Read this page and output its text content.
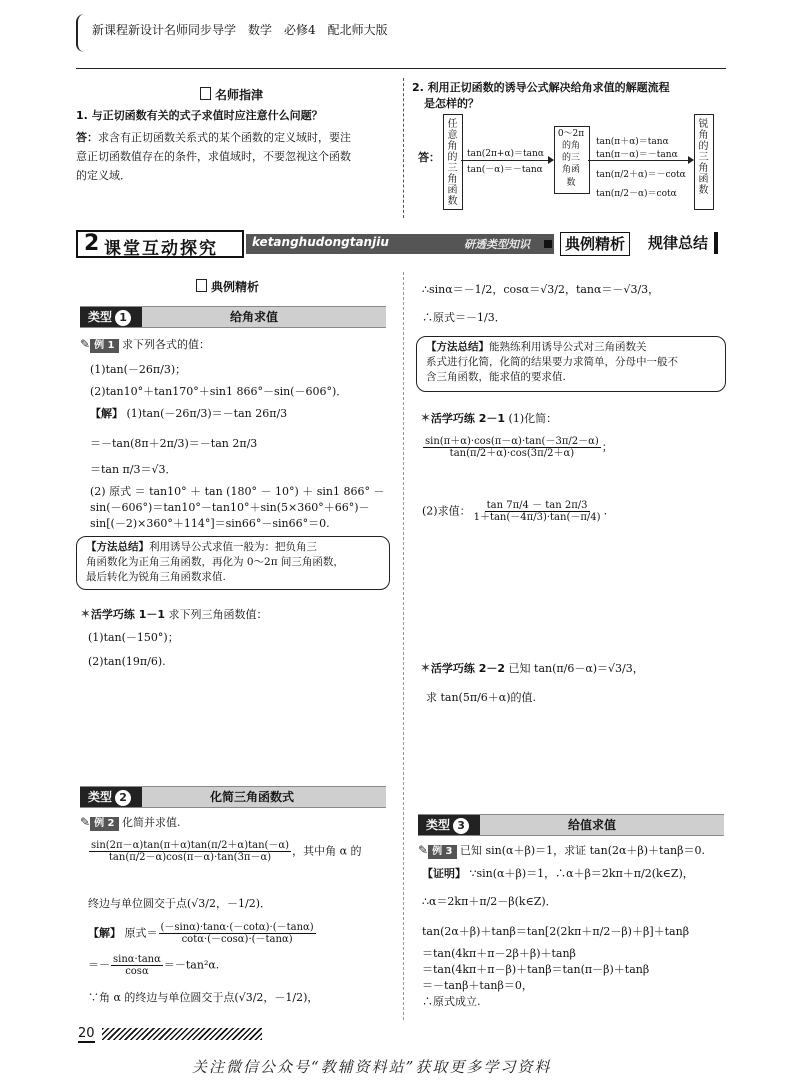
新课程新设计名师同步导学　数学　必修4　配北师大版
名师指津
1. 与正切函数有关的式子求值时应注意什么问题？
答：求含有正切函数关系式的某个函数的定义域时，要注
意正切函数值存在的条件，求值域时，不要忽视这个函数
的定义域．
2. 利用正切函数的诱导公式解决给角求值的解题流程
是怎样的？
答： 任意角的三角函数 tan(2π+α)＝tanα
tan(－α)＝－tanα
0～2π
的角
的三
角函
数
tan(π＋α)＝tanα
tan(π－α)＝－tanα
tan(π/2＋α)＝－cotα
tan(π/2－α)＝cotα 锐角的三角函数
2 课堂互动探究	ketanghudongtanjiu	研透类型知识	典例精析	规律总结
典例精析
类型 1	给角求值
✎ 例 1 求下列各式的值：
(1)tan(－26π/3)；
(2)tan10°＋tan170°＋sin1 866°－sin(－606°)．
【解】 (1)tan(－26π/3)＝－tan 26π/3
＝－tan(8π＋2π/3)＝－tan 2π/3
＝tan π/3＝√3．
(2) 原式 ＝ tan10° ＋ tan (180° － 10°) ＋ sin1 866° －
sin(－606°)＝tan10°－tan10°＋sin(5×360°＋66°)－
sin[(－2)×360°＋114°]＝sin66°－sin66°＝0.
【方法总结】利用诱导公式求值一般为：把负角三
角函数化为正角三角函数，再化为 0～2π 间三角函数，
最后转化为锐角三角函数求值.
✶活学巧练 1－1 求下列三角函数值：
(1)tan(－150°)；
(2)tan(19π/6).
类型 2	化简三角函数式
✎ 例 2 化简并求值.
$\frac{\sin(2\pi-\alpha)\tan(\pi+\alpha)\tan(\pi/2+\alpha)\tan(-\alpha)}{\tan(\pi/2-\alpha)\cos(\pi-\alpha)\cdot\tan(3\pi-\alpha)}$ ，其中角 α 的
终边与单位圆交于点(√3/2，－1/2)．
【解】 原式＝ $\frac{(-\sin\alpha)\cdot\tan\alpha\cdot(-\cot\alpha)\cdot(-\tan\alpha)}{\cot\alpha\cdot(-\cos\alpha)\cdot(-\tan\alpha)}$
＝－ $\frac{\sin\alpha\cdot\tan\alpha}{\cos\alpha} =-\tan^2\alpha$.
∵角 α 的终边与单位圆交于点(√3/2，－1/2)，
20
∴sinα＝－1/2，cosα＝√3/2，tanα＝－√3/3，
∴原式＝－1/3．
【方法总结】能熟练利用诱导公式对三角函数关
系式进行化简，化简的结果要力求简单，分母中一般不
含三角函数，能求值的要求值.
✶活学巧练 2－1 (1)化简：
$\frac{\sin(\pi+\alpha)\cdot\cos(\pi-\alpha)\cdot\tan(-3\pi/2-\alpha)}{\tan(\pi/2+\alpha)\cdot\cos(3\pi/2+\alpha)}$ ；
(2)求值： $\frac{\tan 7\pi/4 - \tan 2\pi/3}{1+\tan(-4\pi/3)\cdot\tan(-\pi/4)}$ .
✶活学巧练 2－2 已知 tan(π/6－α)＝√3/3，
求 tan(5π/6＋α)的值.
类型 3	给值求值
✎ 例 3 已知 sin(α＋β)＝1，求证 tan(2α＋β)＋tanβ＝0.
【证明】 ∵sin(α＋β)＝1，∴α＋β＝2kπ＋π/2(k∈Z)，
∴α＝2kπ＋π/2－β(k∈Z)．
tan(2α＋β)＋tanβ＝tan[2(2kπ＋π/2－β)＋β]＋tanβ
＝tan(4kπ＋π－2β＋β)＋tanβ
＝tan(4kπ＋π－β)＋tanβ＝tan(π－β)＋tanβ
＝－tanβ＋tanβ＝0，
∴原式成立.
关注微信公众号“教辅资料站”获取更多学习资料
